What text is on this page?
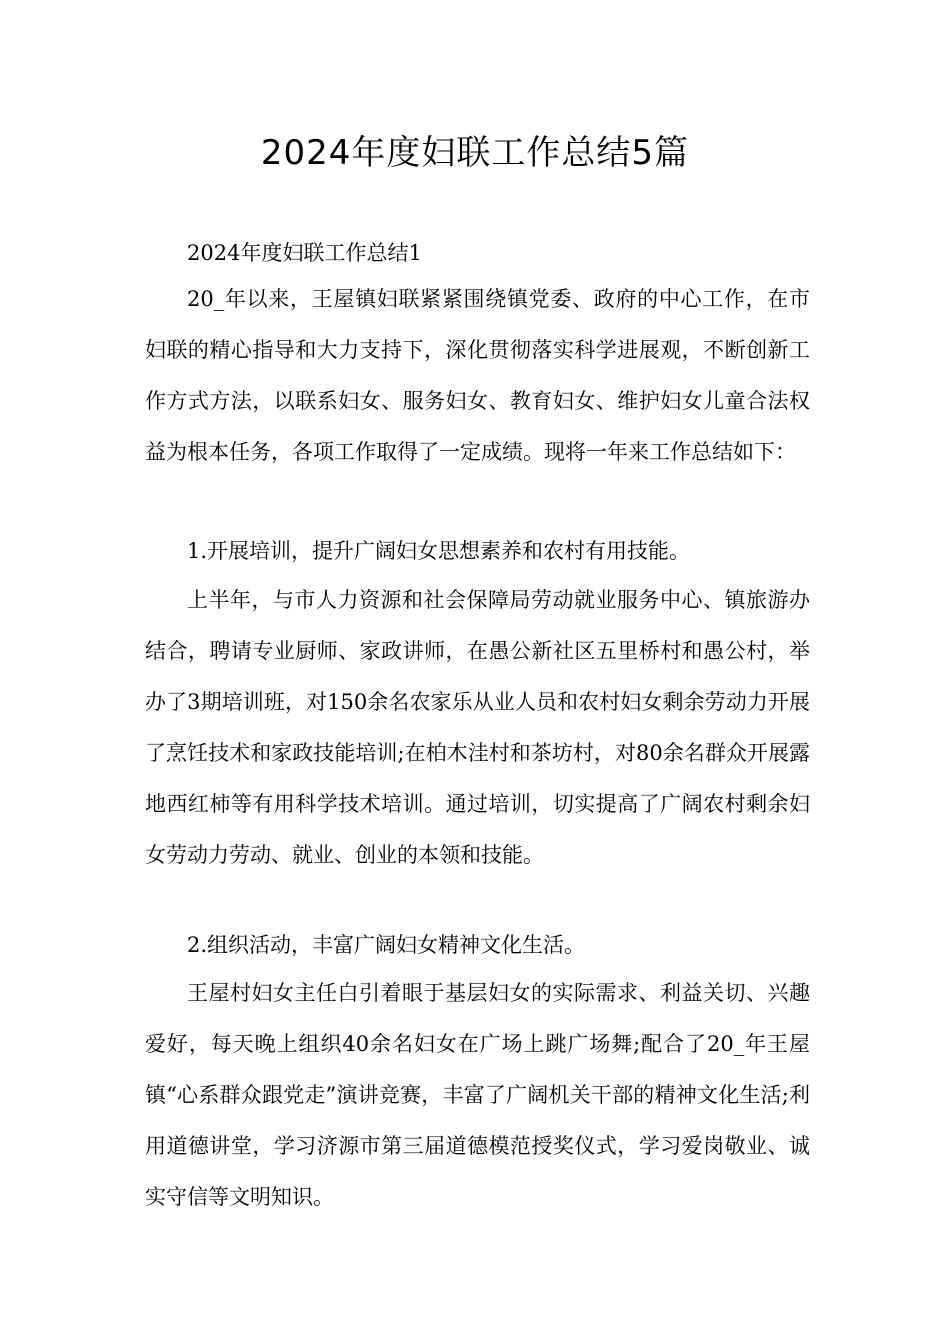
2024年度妇联工作总结5篇

2024年度妇联工作总结1

20_年以来，王屋镇妇联紧紧围绕镇党委、政府的中心工作，在市妇联的精心指导和大力支持下，深化贯彻落实科学进展观，不断创新工作方式方法，以联系妇女、服务妇女、教育妇女、维护妇女儿童合法权益为根本任务，各项工作取得了一定成绩。现将一年来工作总结如下：

1.开展培训，提升广阔妇女思想素养和农村有用技能。

上半年，与市人力资源和社会保障局劳动就业服务中心、镇旅游办结合，聘请专业厨师、家政讲师，在愚公新社区五里桥村和愚公村，举办了3期培训班，对150余名农家乐从业人员和农村妇女剩余劳动力开展了烹饪技术和家政技能培训;在柏木洼村和茶坊村，对80余名群众开展露地西红柿等有用科学技术培训。通过培训，切实提高了广阔农村剩余妇女劳动力劳动、就业、创业的本领和技能。

2.组织活动，丰富广阔妇女精神文化生活。

王屋村妇女主任白引着眼于基层妇女的实际需求、利益关切、兴趣爱好，每天晚上组织40余名妇女在广场上跳广场舞;配合了20_年王屋镇“心系群众跟党走”演讲竞赛，丰富了广阔机关干部的精神文化生活;利用道德讲堂，学习济源市第三届道德模范授奖仪式，学习爱岗敬业、诚实守信等文明知识。
